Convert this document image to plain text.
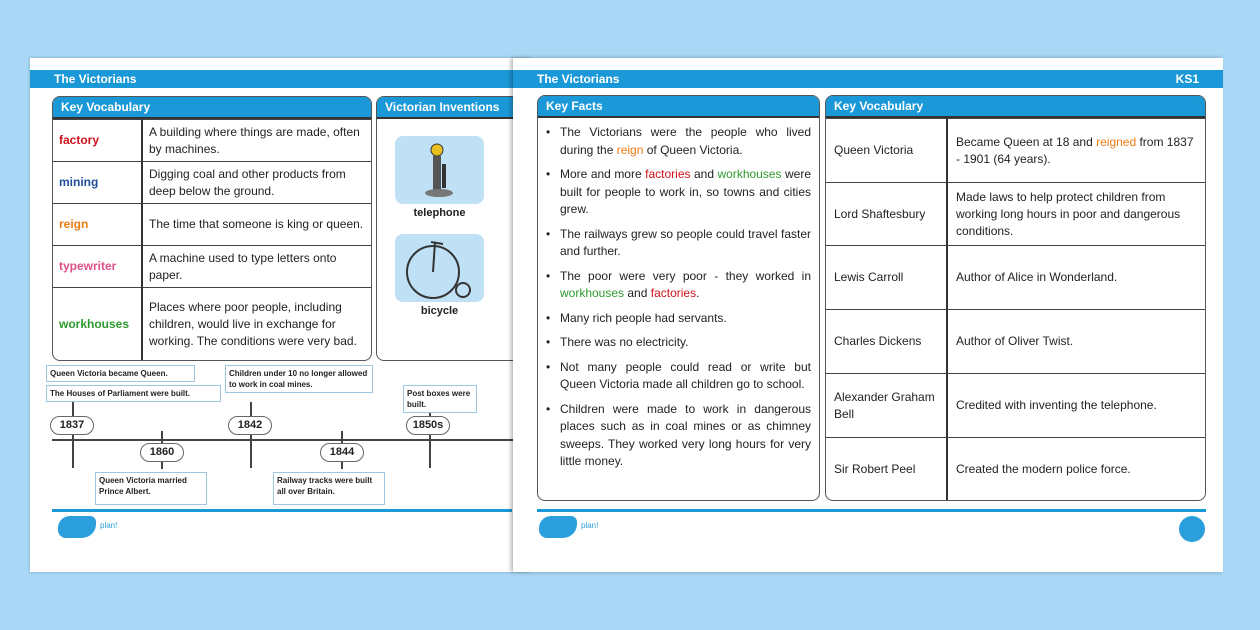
The Victorians
Key Vocabulary
factory	A building where things are made, often by machines.
mining	Digging coal and other products from deep below the ground.
reign	The time that someone is king or queen.
typewriter	A machine used to type letters onto paper.
workhouses	Places where poor people, including children, would live in exchange for working. The conditions were very bad.
Victorian Inventions
telephone
bicycle
1837
1860
1842
1844
1850s
Queen Victoria became Queen.
The Houses of Parliament were built.
Children under 10 no longer allowed to work in coal mines.
Post boxes were built.
Queen Victoria married Prince Albert.
Railway tracks were built all over Britain.
plan!
The Victorians	KS1
Key Facts
• The Victorians were the people who lived during the reign of Queen Victoria.
• More and more factories and workhouses were built for people to work in, so towns and cities grew.
• The railways grew so people could travel faster and further.
• The poor were very poor - they worked in workhouses and factories.
• Many rich people had servants.
• There was no electricity.
• Not many people could read or write but Queen Victoria made all children go to school.
• Children were made to work in dangerous places such as in coal mines or as chimney sweeps. They worked very long hours for very little money.
Key Vocabulary
Queen Victoria	Became Queen at 18 and reigned from 1837 - 1901 (64 years).
Lord Shaftesbury	Made laws to help protect children from working long hours in poor and dangerous conditions.
Lewis Carroll	Author of Alice in Wonderland.
Charles Dickens	Author of Oliver Twist.
Alexander Graham Bell	Credited with inventing the telephone.
Sir Robert Peel	Created the modern police force.
plan!
